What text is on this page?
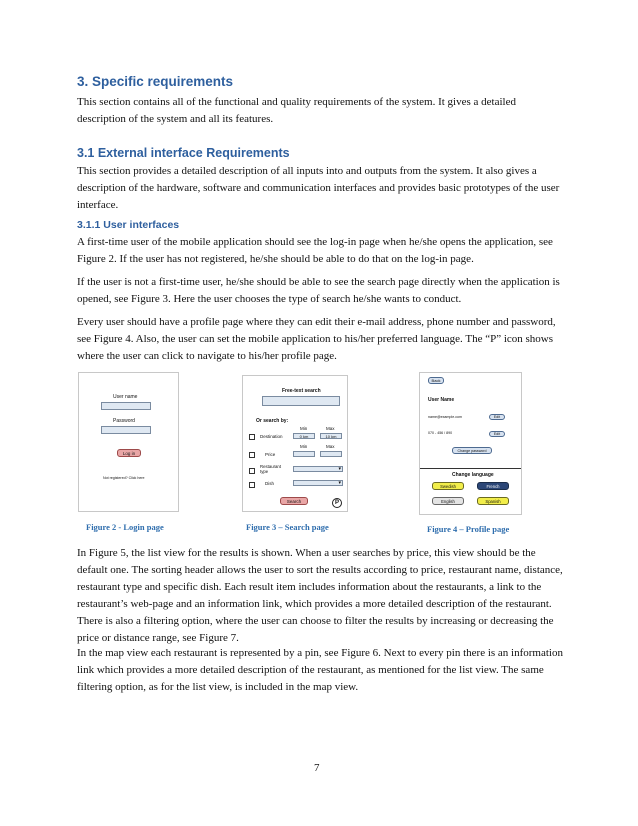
3. Specific requirements
This section contains all of the functional and quality requirements of the system. It gives a detailed description of the system and all its features.
3.1 External interface Requirements
This section provides a detailed description of all inputs into and outputs from the system. It also gives a description of the hardware, software and communication interfaces and provides basic prototypes of the user interface.
3.1.1 User interfaces
A first-time user of the mobile application should see the log-in page when he/she opens the application, see Figure 2. If the user has not registered, he/she should be able to do that on the log-in page.
If the user is not a first-time user, he/she should be able to see the search page directly when the application is opened, see Figure 3. Here the user chooses the type of search he/she wants to conduct.
Every user should have a profile page where they can edit their e-mail address, phone number and password, see Figure 4. Also, the user can set the mobile application to his/her preferred language. The “P” icon shows where the user can click to navigate to his/her profile page.
User name
Password
Log in
Not registered? Click here
Figure 2 - Login page
Free-text search
Or search by:
Min	Max
Destination	0 km	10 km
Min	Max
Price
Restaurant type	▾
Dish	▾
Search	P
Figure 3 – Search page
Back
User Name
name@example.com	Edit
070 - 456 / 890	Edit
Change password
Change language
Swedish	French
English	Spanish
Figure 4 – Profile page
In Figure 5, the list view for the results is shown. When a user searches by price, this view should be the default one. The sorting header allows the user to sort the results according to price, restaurant name, distance, restaurant type and specific dish. Each result item includes information about the restaurants, a link to the restaurant’s web-page and an information link, which provides a more detailed description of the restaurant. There is also a filtering option, where the user can choose to filter the results by increasing or decreasing the price or distance range, see Figure 7.
In the map view each restaurant is represented by a pin, see Figure 6. Next to every pin there is an information link which provides a more detailed description of the restaurant, as mentioned for the list view. The same filtering option, as for the list view, is included in the map view.
7
